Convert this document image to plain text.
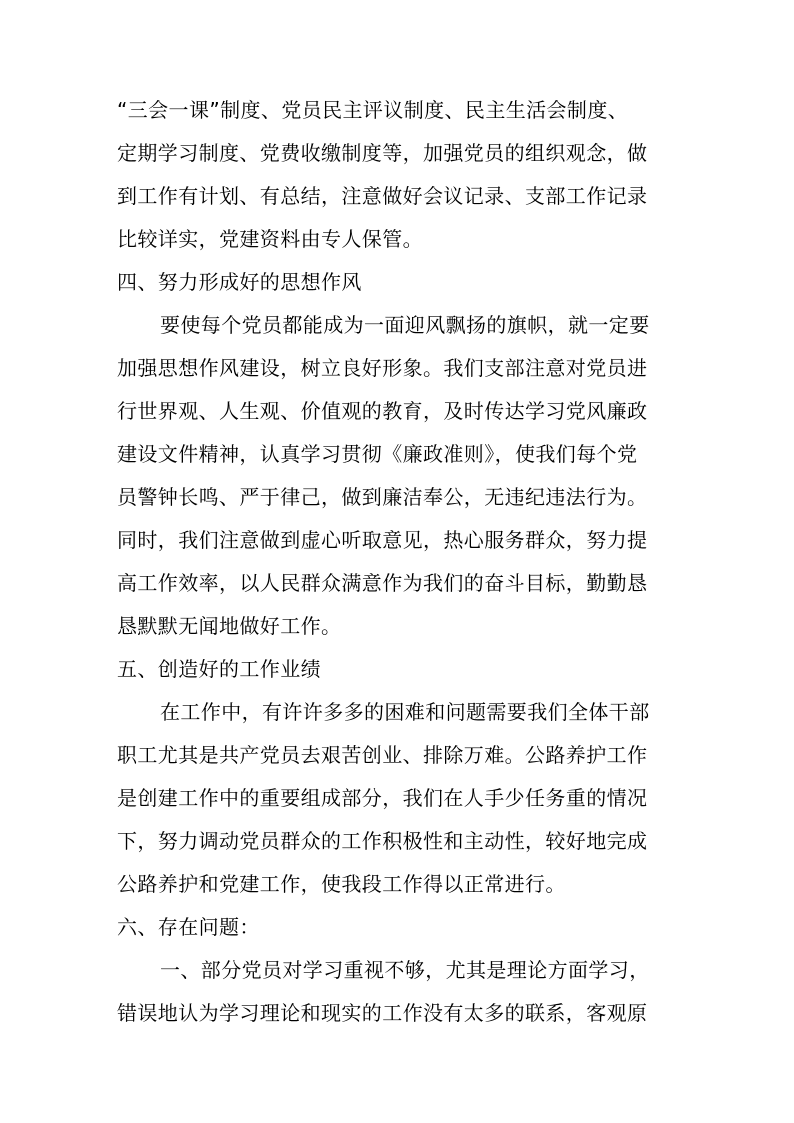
“三会一课”制度、党员民主评议制度、民主生活会制度、
定期学习制度、党费收缴制度等，加强党员的组织观念，做
到工作有计划、有总结，注意做好会议记录、支部工作记录
比较详实，党建资料由专人保管。
四、努力形成好的思想作风
要使每个党员都能成为一面迎风飘扬的旗帜，就一定要
加强思想作风建设，树立良好形象。我们支部注意对党员进
行世界观、人生观、价值观的教育，及时传达学习党风廉政
建设文件精神，认真学习贯彻《廉政准则》，使我们每个党
员警钟长鸣、严于律己，做到廉洁奉公，无违纪违法行为。
同时，我们注意做到虚心听取意见，热心服务群众，努力提
高工作效率，以人民群众满意作为我们的奋斗目标，勤勤恳
恳默默无闻地做好工作。
五、创造好的工作业绩
在工作中，有许许多多的困难和问题需要我们全体干部
职工尤其是共产党员去艰苦创业、排除万难。公路养护工作
是创建工作中的重要组成部分，我们在人手少任务重的情况
下，努力调动党员群众的工作积极性和主动性，较好地完成
公路养护和党建工作，使我段工作得以正常进行。
六、存在问题：
一、部分党员对学习重视不够，尤其是理论方面学习，
错误地认为学习理论和现实的工作没有太多的联系，客观原
